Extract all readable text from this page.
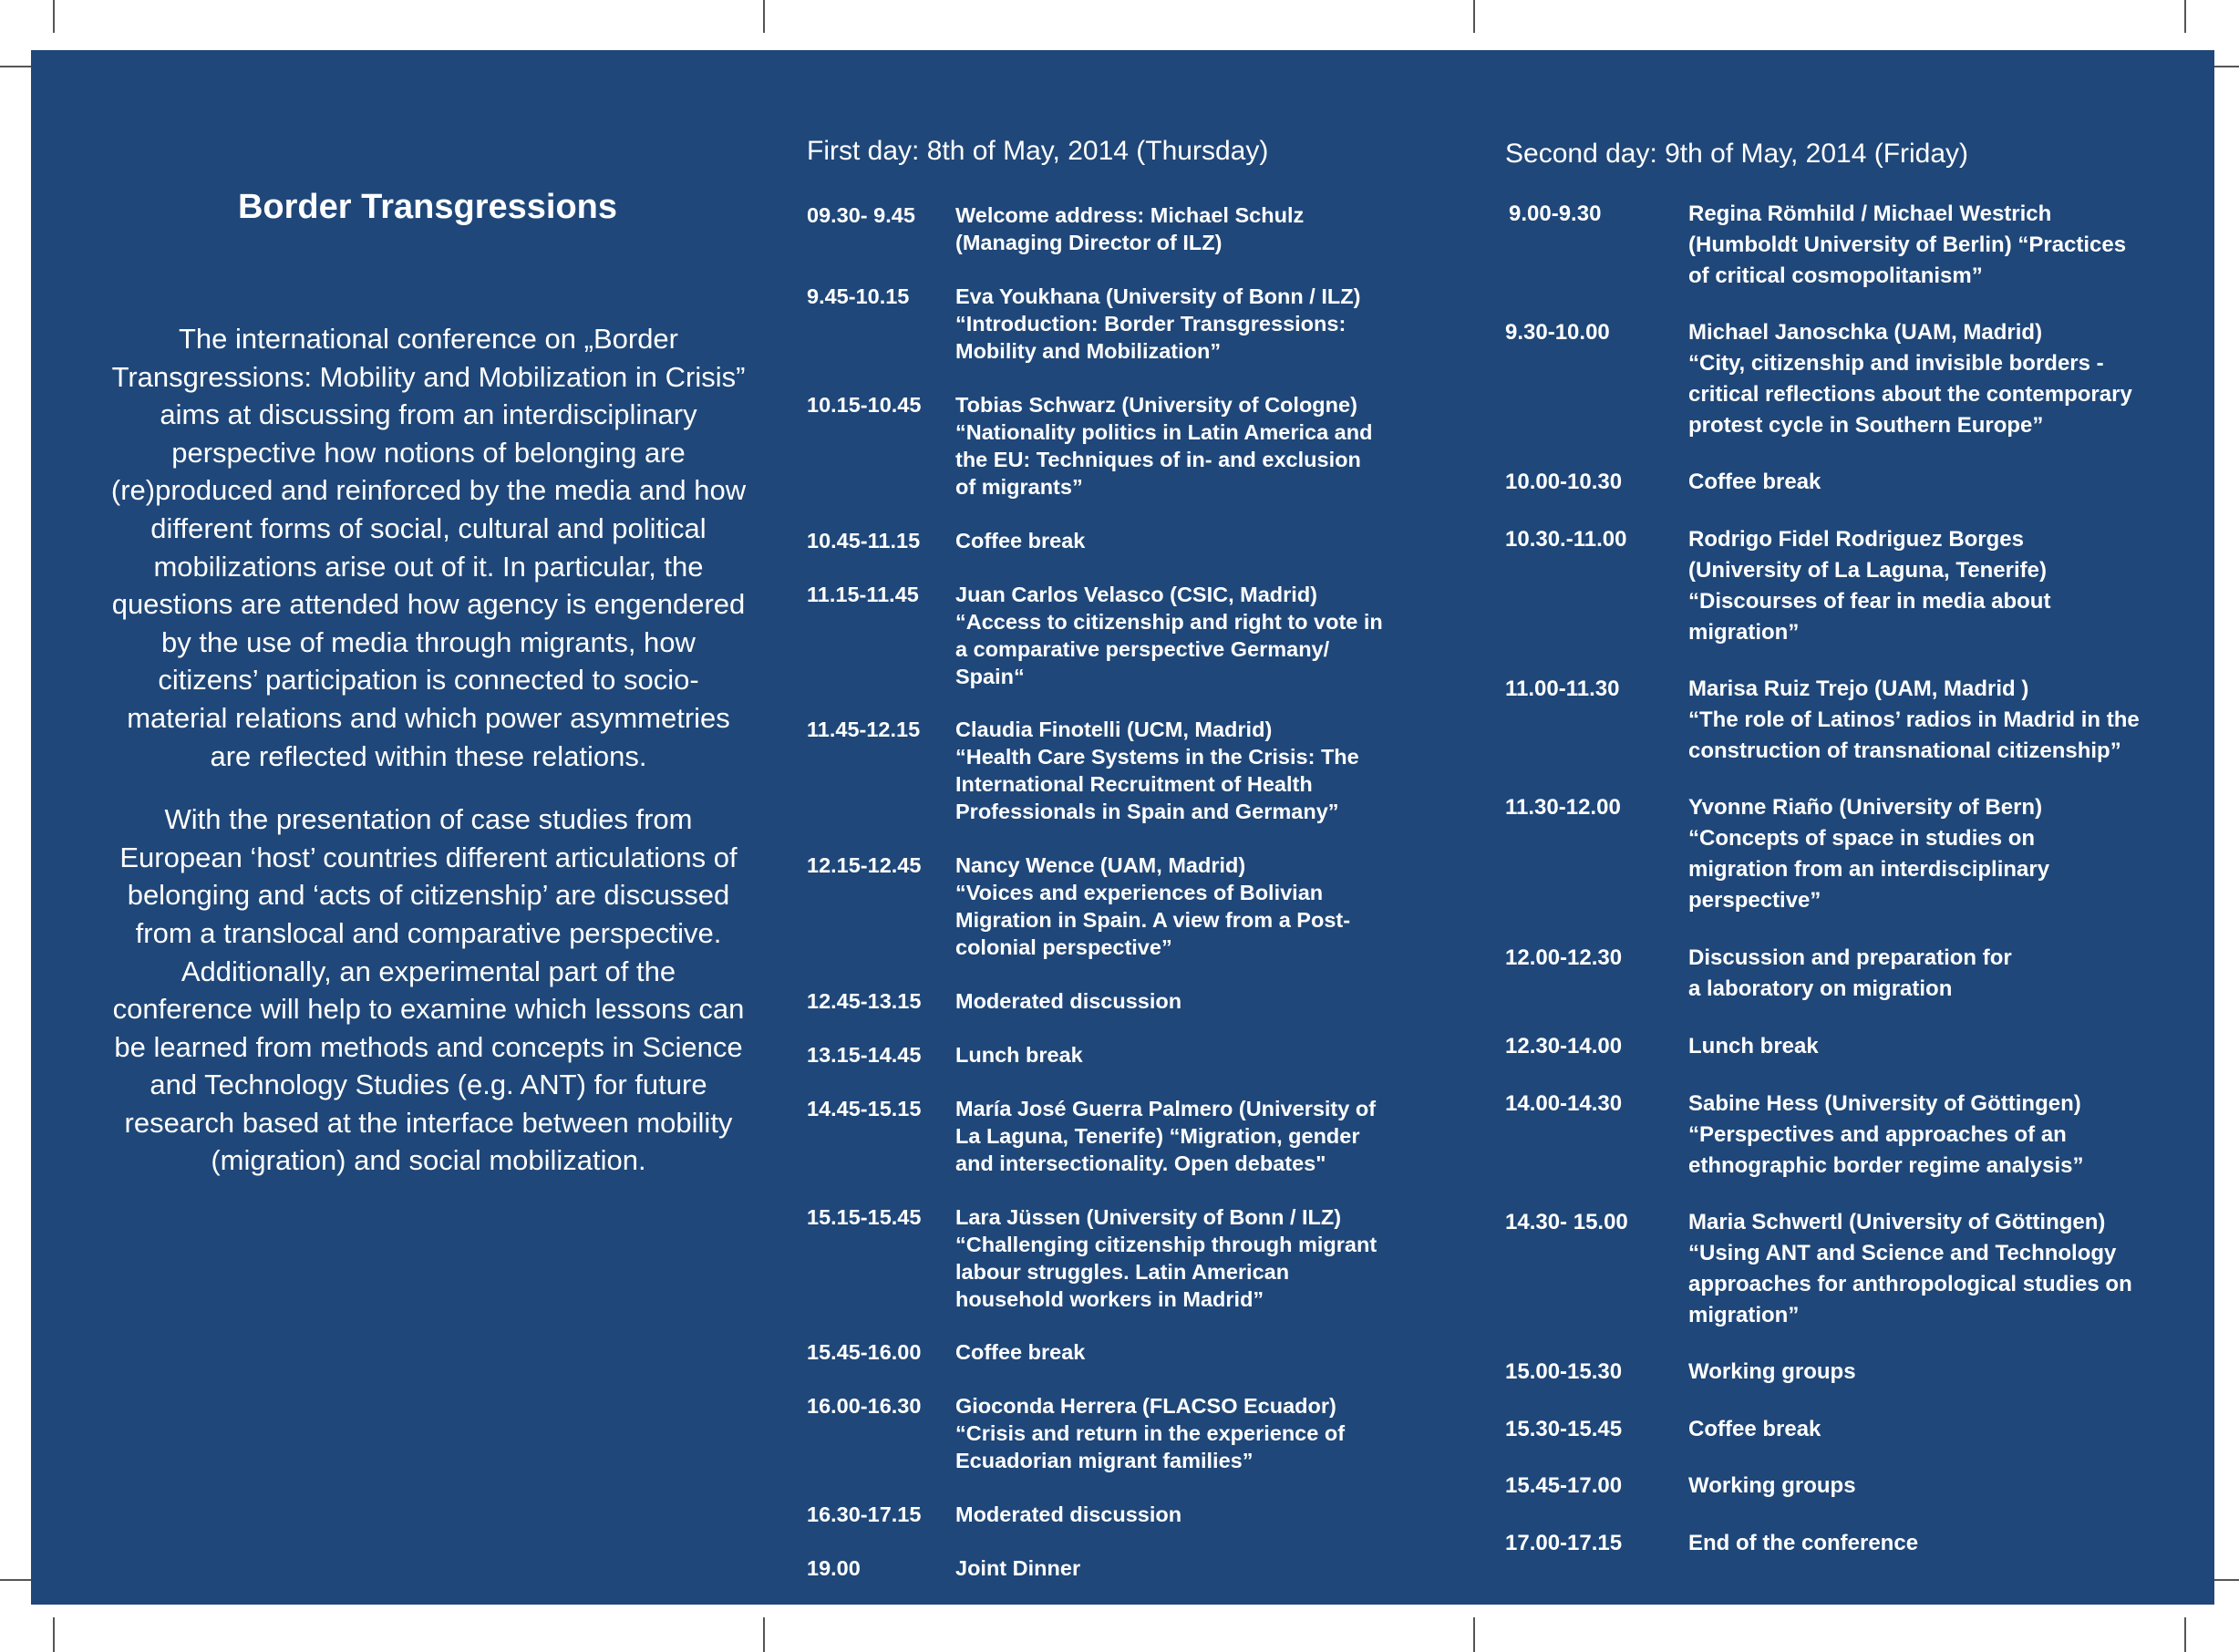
Border Transgressions

The international conference on „Border Transgressions: Mobility and Mobilization in Crisis” aims at discussing from an interdisciplinary perspective how notions of belonging are (re)produced and reinforced by the media and how different forms of social, cultural and political mobilizations arise out of it. In particular, the questions are attended how agency is engendered by the use of media through migrants, how citizens’ participation is connected to socio-material relations and which power asymmetries are reflected within these relations.

With the presentation of case studies from European ‘host’ countries different articulations of belonging and ‘acts of citizenship’ are discussed from a translocal and comparative perspective. Additionally, an experimental part of the conference will help to examine which lessons can be learned from methods and concepts in Science and Technology Studies (e.g. ANT) for future research based at the interface between mobility (migration) and social mobilization.

First day: 8th of May, 2014 (Thursday)
09.30- 9.45 Welcome address: Michael Schulz
(Managing Director of ILZ)
9.45-10.15 Eva Youkhana (University of Bonn / ILZ)
“Introduction: Border Transgressions:
Mobility and Mobilization”
10.15-10.45 Tobias Schwarz (University of Cologne)
“Nationality politics in Latin America and
the EU: Techniques of in- and exclusion
of migrants”
10.45-11.15 Coffee break
11.15-11.45 Juan Carlos Velasco (CSIC, Madrid)
“Access to citizenship and right to vote in
a comparative perspective Germany/
Spain“
11.45-12.15 Claudia Finotelli (UCM, Madrid)
“Health Care Systems in the Crisis: The
International Recruitment of Health
Professionals in Spain and Germany”
12.15-12.45 Nancy Wence (UAM, Madrid)
“Voices and experiences of Bolivian
Migration in Spain. A view from a Post-
colonial perspective”
12.45-13.15 Moderated discussion
13.15-14.45 Lunch break
14.45-15.15 María José Guerra Palmero (University of
La Laguna, Tenerife) “Migration, gender
and intersectionality. Open debates"
15.15-15.45 Lara Jüssen (University of Bonn / ILZ)
“Challenging citizenship through migrant
labour struggles. Latin American
household workers in Madrid”
15.45-16.00 Coffee break
16.00-16.30 Gioconda Herrera (FLACSO Ecuador)
“Crisis and return in the experience of
Ecuadorian migrant families”
16.30-17.15 Moderated discussion
19.00	Joint Dinner
Second day: 9th of May, 2014 (Friday)
9.00-9.30	Regina Römhild / Michael Westrich
(Humboldt University of Berlin) “Practices
of critical cosmopolitanism”
9.30-10.00	Michael Janoschka (UAM, Madrid)
“City, citizenship and invisible borders -
critical reflections about the contemporary
protest cycle in Southern Europe”
10.00-10.30	Coffee break
10.30.-11.00	Rodrigo Fidel Rodriguez Borges
(University of La Laguna, Tenerife)
“Discourses of fear in media about
migration”
11.00-11.30	Marisa Ruiz Trejo (UAM, Madrid )
“The role of Latinos’ radios in Madrid in the
construction of transnational citizenship”
11.30-12.00	Yvonne Riaño (University of Bern)
“Concepts of space in studies on
migration from an interdisciplinary
perspective”
12.00-12.30	Discussion and preparation for
a laboratory on migration
12.30-14.00	Lunch break
14.00-14.30	Sabine Hess (University of Göttingen)
“Perspectives and approaches of an
ethnographic border regime analysis”
14.30- 15.00	Maria Schwertl (University of Göttingen)
“Using ANT and Science and Technology
approaches for anthropological studies on
migration”
15.00-15.30	Working groups
15.30-15.45	Coffee break
15.45-17.00	Working groups
17.00-17.15	End of the conference
